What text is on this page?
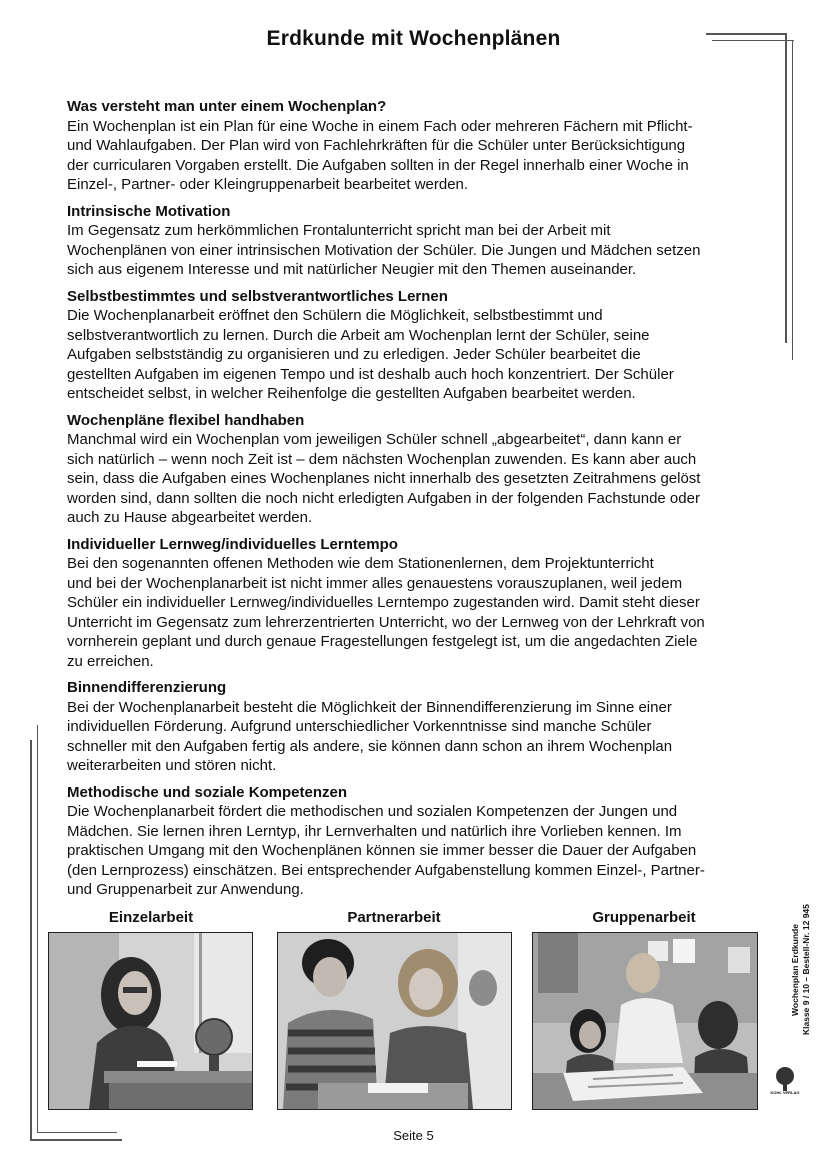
Erdkunde mit Wochenplänen
Was versteht man unter einem Wochenplan?
Ein Wochenplan ist ein Plan für eine Woche in einem Fach oder mehreren Fächern mit Pflicht-
und Wahlaufgaben. Der Plan wird von Fachlehrkräften für die Schüler unter Berücksichtigung
der curricularen Vorgaben erstellt. Die Aufgaben sollten in der Regel innerhalb einer Woche in
Einzel-, Partner- oder Kleingruppenarbeit bearbeitet werden.
Intrinsische Motivation
Im Gegensatz zum herkömmlichen Frontalunterricht spricht man bei der Arbeit mit
Wochenplänen von einer intrinsischen Motivation der Schüler. Die Jungen und Mädchen setzen
sich aus eigenem Interesse und mit natürlicher Neugier mit den Themen auseinander.
Selbstbestimmtes und selbstverantwortliches Lernen
Die Wochenplanarbeit eröffnet den Schülern die Möglichkeit, selbstbestimmt und
selbstverantwortlich zu lernen. Durch die Arbeit am Wochenplan lernt der Schüler, seine
Aufgaben selbstständig zu organisieren und zu erledigen. Jeder Schüler bearbeitet die
gestellten Aufgaben im eigenen Tempo und ist deshalb auch hoch konzentriert. Der Schüler
entscheidet selbst, in welcher Reihenfolge die gestellten Aufgaben bearbeitet werden.
Wochenpläne flexibel handhaben
Manchmal wird ein Wochenplan vom jeweiligen Schüler schnell „abgearbeitet“, dann kann er
sich natürlich – wenn noch Zeit ist – dem nächsten Wochenplan zuwenden. Es kann aber auch
sein, dass die Aufgaben eines Wochenplanes nicht innerhalb des gesetzten Zeitrahmens gelöst
worden sind, dann sollten die noch nicht erledigten Aufgaben in der folgenden Fachstunde oder
auch zu Hause abgearbeitet werden.
Individueller Lernweg/individuelles Lerntempo
Bei den sogenannten offenen Methoden wie dem Stationenlernen, dem Projektunterricht
und bei der Wochenplanarbeit ist nicht immer alles genauestens vorauszuplanen, weil jedem
Schüler ein individueller Lernweg/individuelles Lerntempo zugestanden wird. Damit steht dieser
Unterricht im Gegensatz zum lehrerzentrierten Unterricht, wo der Lernweg von der Lehrkraft von
vornherein geplant und durch genaue Fragestellungen festgelegt ist, um die angedachten Ziele
zu erreichen.
Binnendifferenzierung
Bei der Wochenplanarbeit besteht die Möglichkeit der Binnendifferenzierung im Sinne einer
individuellen Förderung. Aufgrund unterschiedlicher Vorkenntnisse sind manche Schüler
schneller mit den Aufgaben fertig als andere, sie können dann schon an ihrem Wochenplan
weiterarbeiten und stören nicht.
Methodische und soziale Kompetenzen
Die Wochenplanarbeit fördert die methodischen und sozialen Kompetenzen der Jungen und
Mädchen. Sie lernen ihren Lerntyp, ihr Lernverhalten und natürlich ihre Vorlieben kennen. Im
praktischen Umgang mit den Wochenplänen können sie immer besser die Dauer der Aufgaben
(den Lernprozess) einschätzen. Bei entsprechender Aufgabenstellung kommen Einzel-, Partner-
und Gruppenarbeit zur Anwendung.
Einzelarbeit	Partnerarbeit	Gruppenarbeit
Wochenplan Erdkunde Klasse 9 / 10 – Bestell-Nr. 12 945
KOHL VERLAG
Seite 5
